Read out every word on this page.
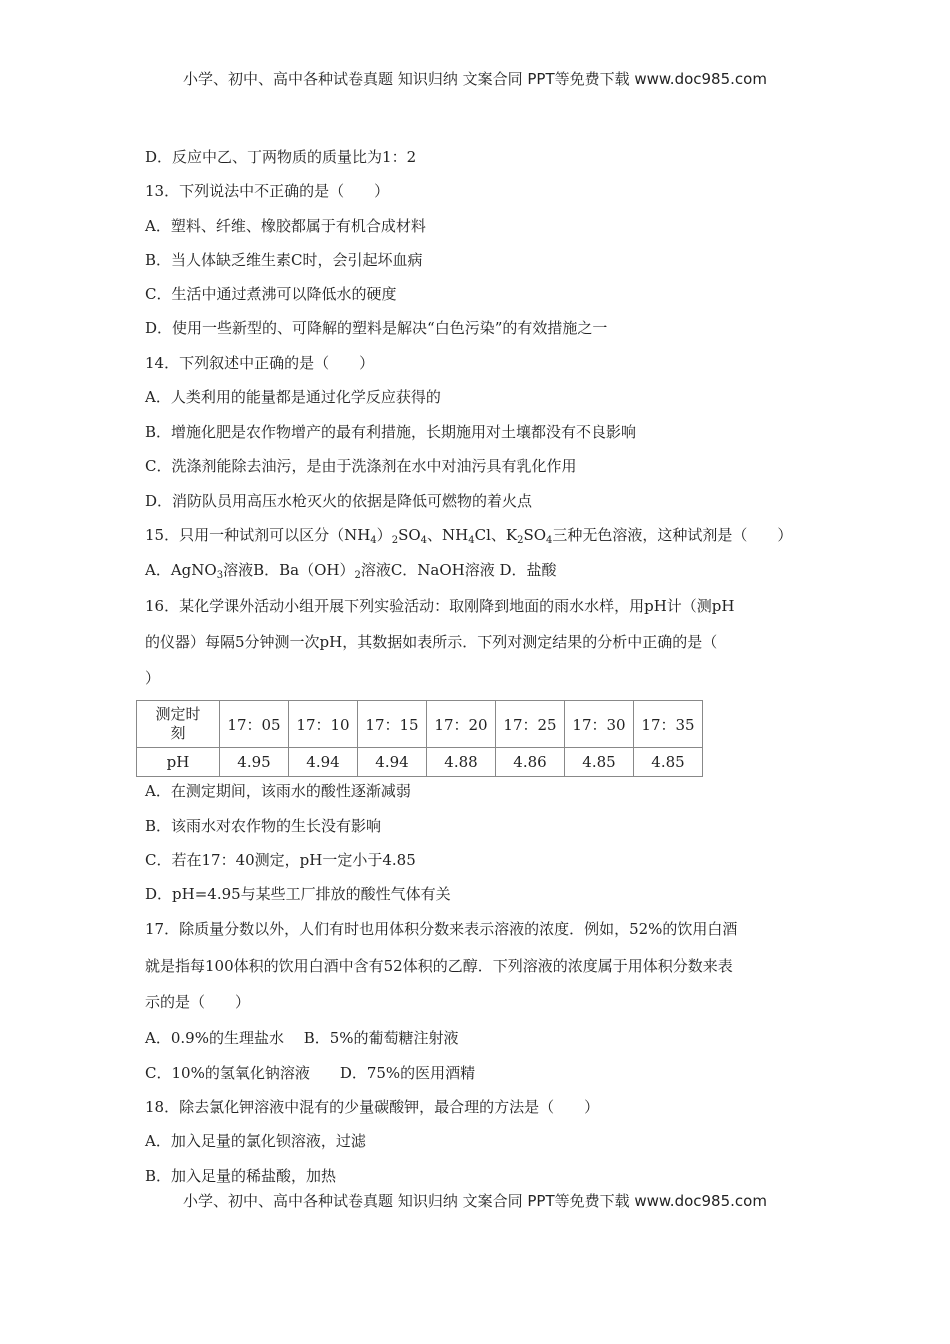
小学、初中、高中各种试卷真题 知识归纳 文案合同 PPT等免费下载 www.doc985.com
D．反应中乙、丁两物质的质量比为1：2
13．下列说法中不正确的是（　　）
A．塑料、纤维、橡胶都属于有机合成材料
B．当人体缺乏维生素C时，会引起坏血病
C．生活中通过煮沸可以降低水的硬度
D．使用一些新型的、可降解的塑料是解决“白色污染”的有效措施之一
14．下列叙述中正确的是（　　）
A．人类利用的能量都是通过化学反应获得的
B．增施化肥是农作物增产的最有利措施，长期施用对土壤都没有不良影响
C．洗涤剂能除去油污，是由于洗涤剂在水中对油污具有乳化作用
D．消防队员用高压水枪灭火的依据是降低可燃物的着火点
15．只用一种试剂可以区分$(NH_4)_2SO_4$、$NH_4Cl$、$K_2SO_4$三种无色溶液，这种试剂是（　　）
A．AgNO$_3$溶液B．$Ba(OH)_2$溶液C．NaOH溶液 D．盐酸
16．某化学课外活动小组开展下列实验活动：取刚降到地面的雨水水样，用pH计（测pH
的仪器）每隔5分钟测一次pH，其数据如表所示．下列对测定结果的分析中正确的是（
）
测定时
刻	17：05	17：10	17：15	17：20	17：25	17：30	17：35
pH	4.95	4.94	4.94	4.88	4.86	4.85	4.85
A．在测定期间，该雨水的酸性逐渐减弱
B．该雨水对农作物的生长没有影响
C．若在17：40测定，pH一定小于4.85
D．pH=4.95与某些工厂排放的酸性气体有关
17．除质量分数以外，人们有时也用体积分数来表示溶液的浓度．例如，52%的饮用白酒
就是指每100体积的饮用白酒中含有52体积的乙醇．下列溶液的浓度属于用体积分数来表
示的是（　　）
A．0.9%的生理盐水　 B．5%的葡萄糖注射液
C．10%的氢氧化钠溶液　　D．75%的医用酒精
18．除去氯化钾溶液中混有的少量碳酸钾，最合理的方法是（　　）
A．加入足量的氯化钡溶液，过滤
B．加入足量的稀盐酸，加热
小学、初中、高中各种试卷真题 知识归纳 文案合同 PPT等免费下载 www.doc985.com
